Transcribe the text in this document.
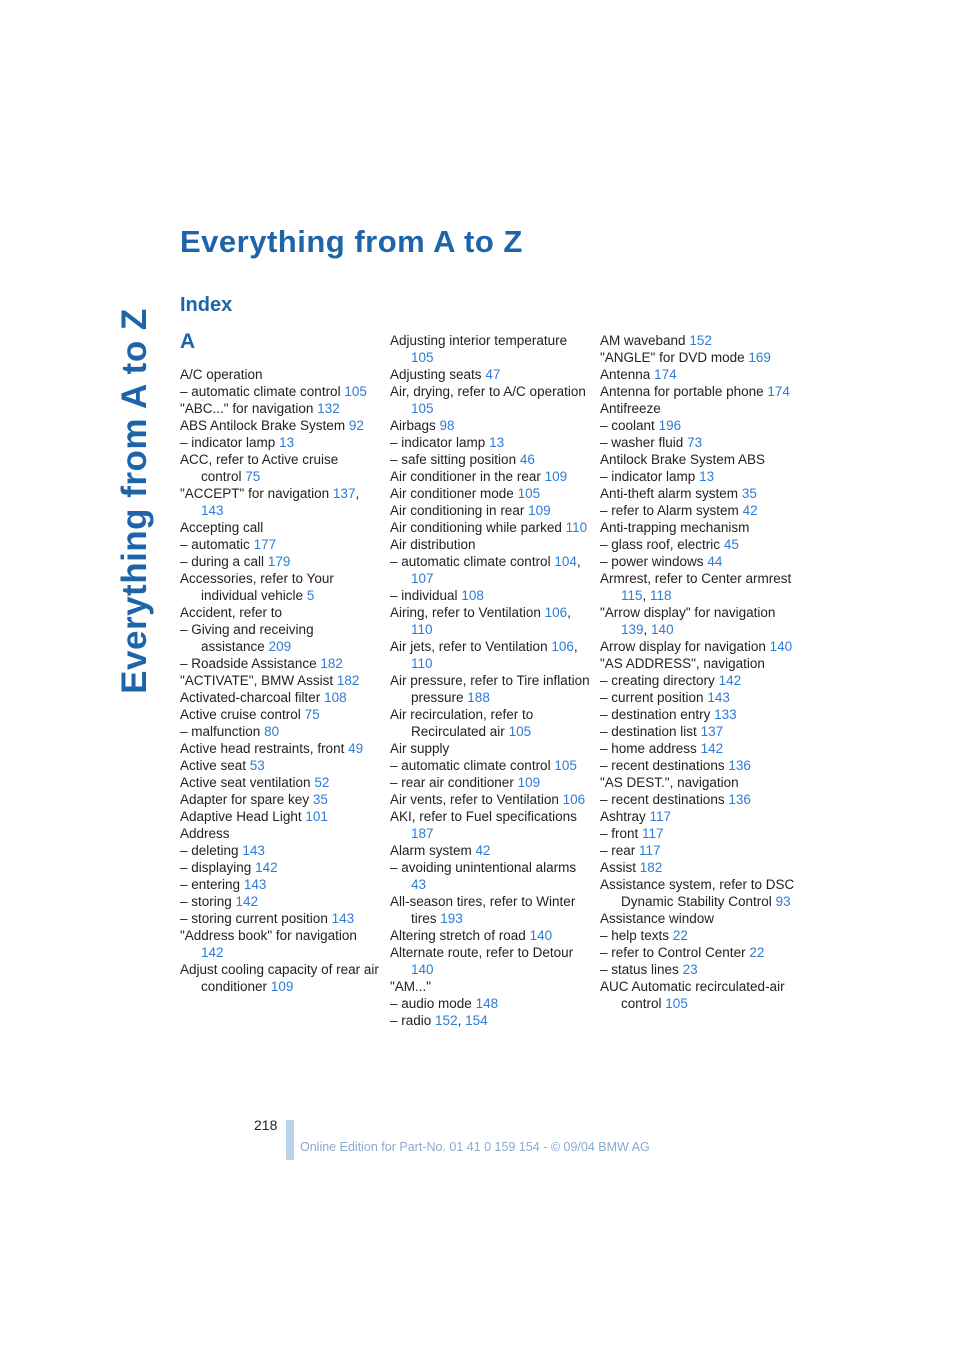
Everything from A to Z
Everything from A to Z
Index
A
A/C operation
– automatic climate control 105
"ABC..." for navigation 132
ABS Antilock Brake System 92
– indicator lamp 13
ACC, refer to Active cruise control 75
"ACCEPT" for navigation 137, 143
Accepting call
– automatic 177
– during a call 179
Accessories, refer to Your individual vehicle 5
Accident, refer to
– Giving and receiving assistance 209
– Roadside Assistance 182
"ACTIVATE", BMW Assist 182
Activated-charcoal filter 108
Active cruise control 75
– malfunction 80
Active head restraints, front 49
Active seat 53
Active seat ventilation 52
Adapter for spare key 35
Adaptive Head Light 101
Address
– deleting 143
– displaying 142
– entering 143
– storing 142
– storing current position 143
"Address book" for navigation 142
Adjust cooling capacity of rear air conditioner 109
Adjusting interior temperature 105
Adjusting seats 47
Air, drying, refer to A/C operation 105
Airbags 98
– indicator lamp 13
– safe sitting position 46
Air conditioner in the rear 109
Air conditioner mode 105
Air conditioning in rear 109
Air conditioning while parked 110
Air distribution
– automatic climate control 104, 107
– individual 108
Airing, refer to Ventilation 106, 110
Air jets, refer to Ventilation 106, 110
Air pressure, refer to Tire inflation pressure 188
Air recirculation, refer to Recirculated air 105
Air supply
– automatic climate control 105
– rear air conditioner 109
Air vents, refer to Ventilation 106
AKI, refer to Fuel specifications 187
Alarm system 42
– avoiding unintentional alarms 43
All-season tires, refer to Winter tires 193
Altering stretch of road 140
Alternate route, refer to Detour 140
"AM..."
– audio mode 148
– radio 152, 154
AM waveband 152
"ANGLE" for DVD mode 169
Antenna 174
Antenna for portable phone 174
Antifreeze
– coolant 196
– washer fluid 73
Antilock Brake System ABS
– indicator lamp 13
Anti-theft alarm system 35
– refer to Alarm system 42
Anti-trapping mechanism
– glass roof, electric 45
– power windows 44
Armrest, refer to Center armrest 115, 118
"Arrow display" for navigation 139, 140
Arrow display for navigation 140
"AS ADDRESS", navigation
– creating directory 142
– current position 143
– destination entry 133
– destination list 137
– home address 142
– recent destinations 136
"AS DEST.", navigation
– recent destinations 136
Ashtray 117
– front 117
– rear 117
Assist 182
Assistance system, refer to DSC Dynamic Stability Control 93
Assistance window
– help texts 22
– refer to Control Center 22
– status lines 23
AUC Automatic recirculated-air control 105
218
Online Edition for Part-No. 01 41 0 159 154 - © 09/04 BMW AG
